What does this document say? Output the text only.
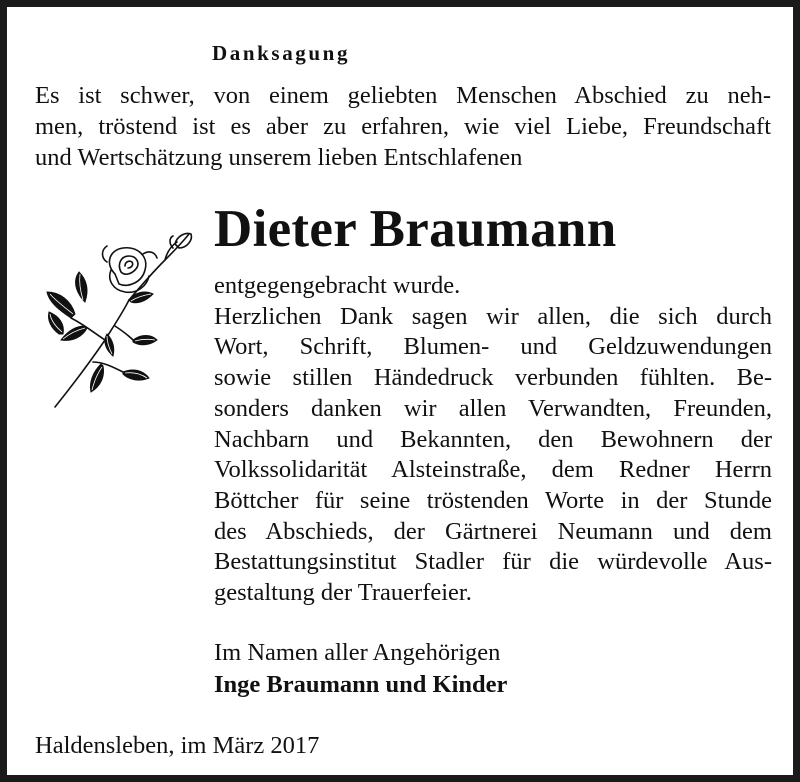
Danksagung
Es ist schwer, von einem geliebten Menschen Abschied zu neh-
men, tröstend ist es aber zu erfahren, wie viel Liebe, Freundschaft
und Wertschätzung unserem lieben Entschlafenen
Dieter Braumann
entgegengebracht wurde.
Herzlichen Dank sagen wir allen, die sich durch
Wort, Schrift, Blumen- und Geldzuwendungen
sowie stillen Händedruck verbunden fühlten. Be-
sonders danken wir allen Verwandten, Freunden,
Nachbarn und Bekannten, den Bewohnern der
Volkssolidarität Alsteinstraße, dem Redner Herrn
Böttcher für seine tröstenden Worte in der Stunde
des Abschieds, der Gärtnerei Neumann und dem
Bestattungsinstitut Stadler für die würdevolle Aus-
gestaltung der Trauerfeier.
Im Namen aller Angehörigen
Inge Braumann und Kinder
Haldensleben, im März 2017
